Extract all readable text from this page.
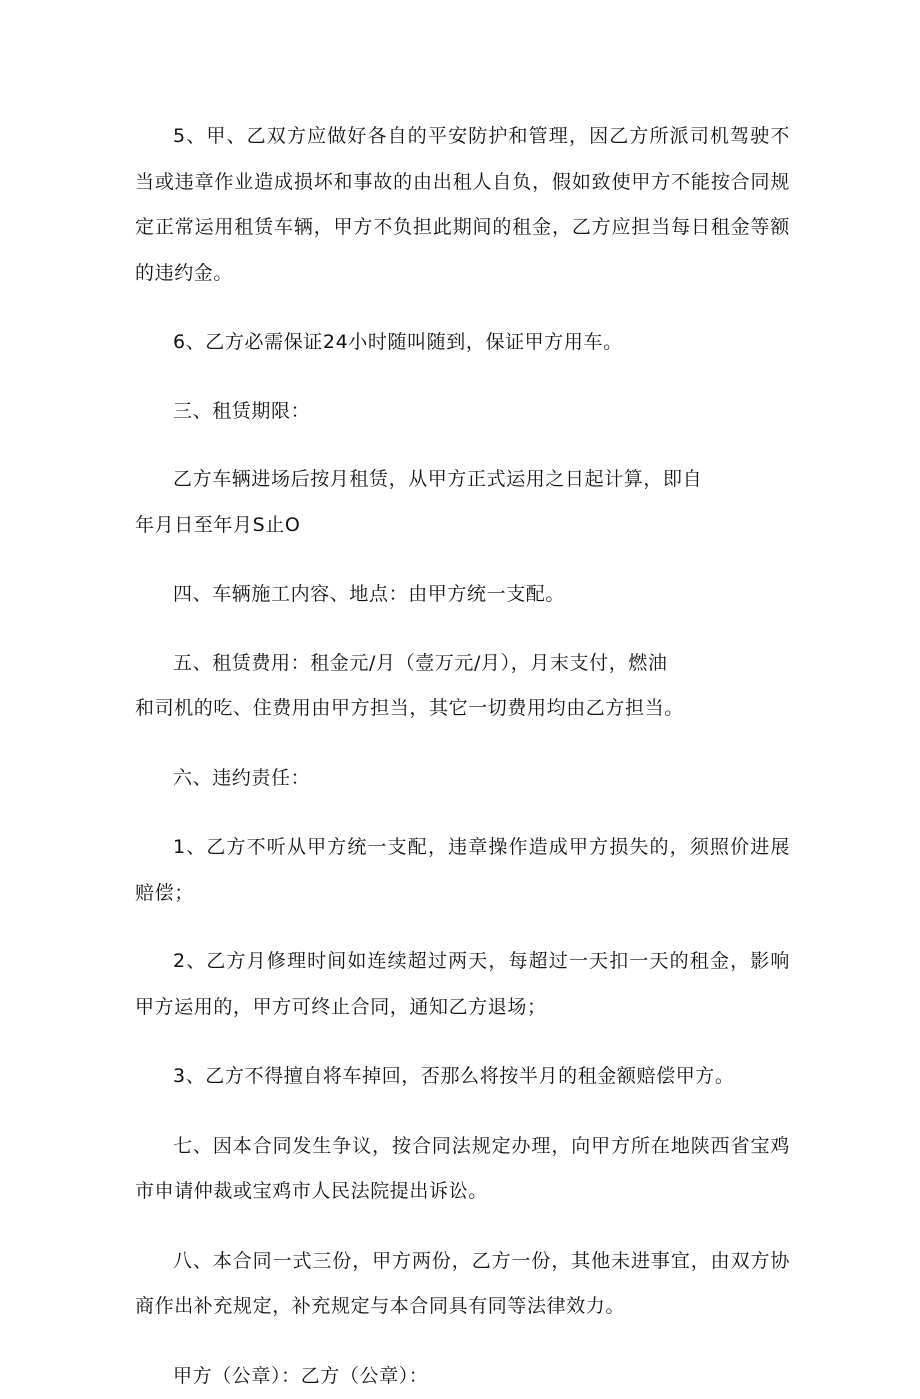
5、甲、乙双方应做好各自的平安防护和管理，因乙方所派司机驾驶不当或违章作业造成损坏和事故的由出租人自负，假如致使甲方不能按合同规定正常运用租赁车辆，甲方不负担此期间的租金，乙方应担当每日租金等额的违约金。

6、乙方必需保证24小时随叫随到，保证甲方用车。

三、租赁期限：

乙方车辆进场后按月租赁，从甲方正式运用之日起计算，即自
年月日至年月S止O

四、车辆施工内容、地点：由甲方统一支配。

五、租赁费用：租金元/月（壹万元/月），月末支付，燃油
和司机的吃、住费用由甲方担当，其它一切费用均由乙方担当。

六、违约责任：

1、乙方不听从甲方统一支配，违章操作造成甲方损失的，须照价进展赔偿；

2、乙方月修理时间如连续超过两天，每超过一天扣一天的租金，影响甲方运用的，甲方可终止合同，通知乙方退场；

3、乙方不得擅自将车掉回，否那么将按半月的租金额赔偿甲方。

七、因本合同发生争议，按合同法规定办理，向甲方所在地陕西省宝鸡市申请仲裁或宝鸡市人民法院提出诉讼。

八、本合同一式三份，甲方两份，乙方一份，其他未进事宜，由双方协商作出补充规定，补充规定与本合同具有同等法律效力。

甲方（公章）：乙方（公章）：
